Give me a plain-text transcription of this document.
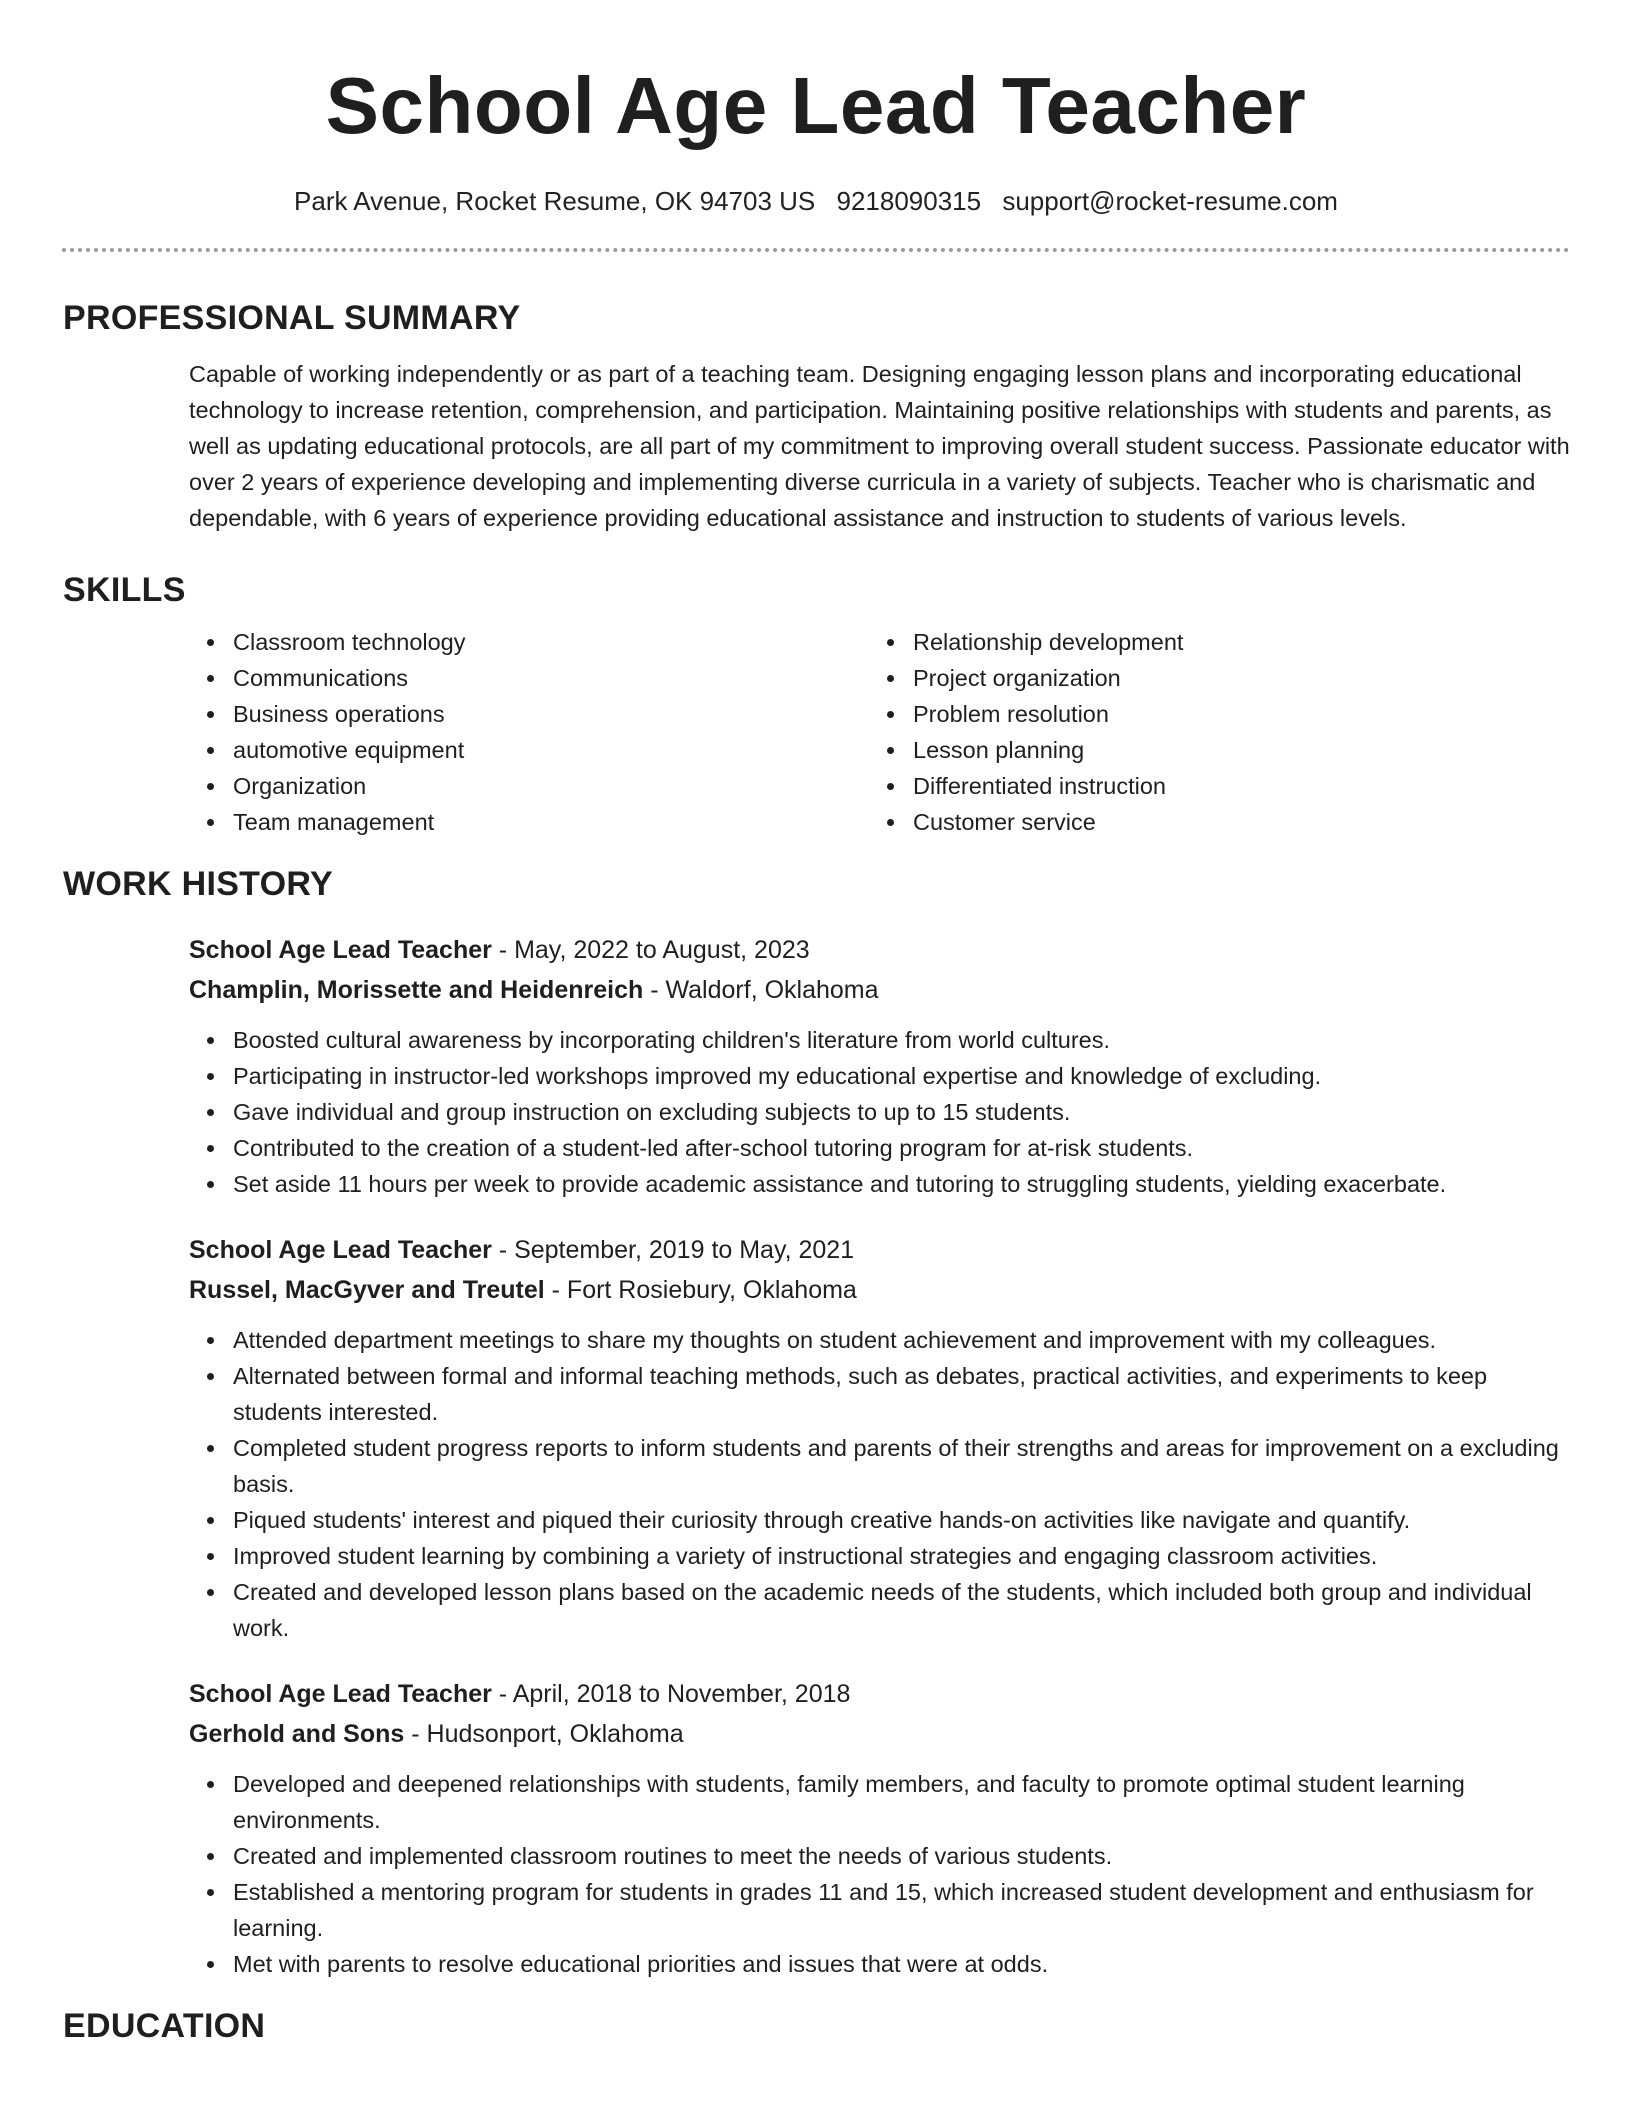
School Age Lead Teacher
Park Avenue, Rocket Resume, OK 94703 US 9218090315 support@rocket-resume.com
PROFESSIONAL SUMMARY

Capable of working independently or as part of a teaching team. Designing engaging lesson plans and incorporating educational technology to increase retention, comprehension, and participation. Maintaining positive relationships with students and parents, as well as updating educational protocols, are all part of my commitment to improving overall student success. Passionate educator with over 2 years of experience developing and implementing diverse curricula in a variety of subjects. Teacher who is charismatic and dependable, with 6 years of experience providing educational assistance and instruction to students of various levels.

SKILLS
Classroom technology
Communications
Business operations
automotive equipment
Organization
Team management
Relationship development
Project organization
Problem resolution
Lesson planning
Differentiated instruction
Customer service
WORK HISTORY
School Age Lead Teacher - May, 2022 to August, 2023
Champlin, Morissette and Heidenreich - Waldorf, Oklahoma
Boosted cultural awareness by incorporating children's literature from world cultures.
Participating in instructor-led workshops improved my educational expertise and knowledge of excluding.
Gave individual and group instruction on excluding subjects to up to 15 students.
Contributed to the creation of a student-led after-school tutoring program for at-risk students.
Set aside 11 hours per week to provide academic assistance and tutoring to struggling students, yielding exacerbate.
School Age Lead Teacher - September, 2019 to May, 2021
Russel, MacGyver and Treutel - Fort Rosiebury, Oklahoma
Attended department meetings to share my thoughts on student achievement and improvement with my colleagues.
Alternated between formal and informal teaching methods, such as debates, practical activities, and experiments to keep students interested.
Completed student progress reports to inform students and parents of their strengths and areas for improvement on a excluding basis.
Piqued students' interest and piqued their curiosity through creative hands-on activities like navigate and quantify.
Improved student learning by combining a variety of instructional strategies and engaging classroom activities.
Created and developed lesson plans based on the academic needs of the students, which included both group and individual work.
School Age Lead Teacher - April, 2018 to November, 2018
Gerhold and Sons - Hudsonport, Oklahoma
Developed and deepened relationships with students, family members, and faculty to promote optimal student learning environments.
Created and implemented classroom routines to meet the needs of various students.
Established a mentoring program for students in grades 11 and 15, which increased student development and enthusiasm for learning.
Met with parents to resolve educational priorities and issues that were at odds.
EDUCATION
